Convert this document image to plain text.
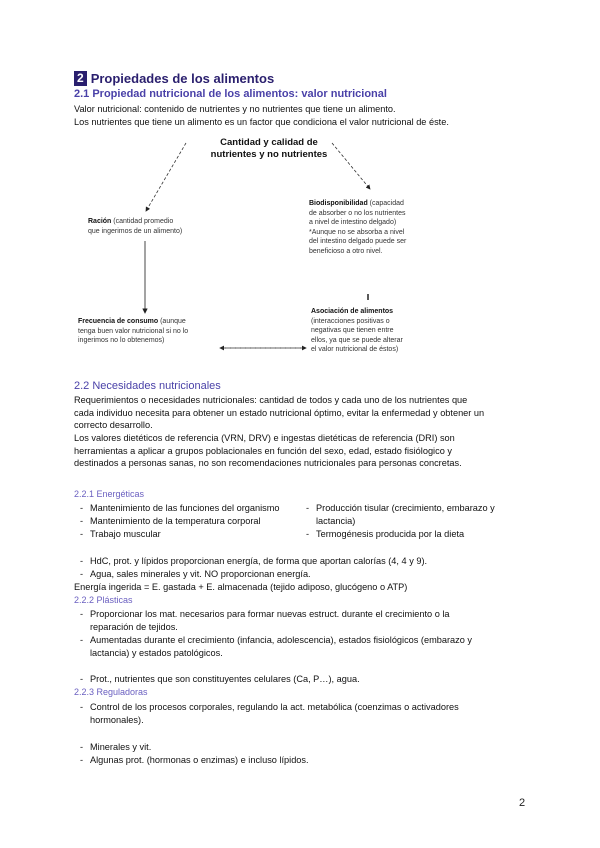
2 Propiedades de los alimentos
2.1 Propiedad nutricional de los alimentos: valor nutricional
Valor nutricional: contenido de nutrientes y no nutrientes que tiene un alimento.
Los nutrientes que tiene un alimento es un factor que condiciona el valor nutricional de éste.
Cantidad y calidad de
nutrientes y no nutrientes
Ración (cantidad promedio
que ingerimos de un alimento)
Biodisponibilidad (capacidad
de absorber o no los nutrientes
a nivel de intestino delgado)
*Aunque no se absorba a nivel
del intestino delgado puede ser
beneficioso a otro nivel.
Frecuencia de consumo (aunque
tenga buen valor nutricional si no lo
ingerimos no lo obtenemos)
Asociación de alimentos
(interacciones positivas o
negativas que tienen entre
ellos, ya que se puede alterar
el valor nutricional de éstos)
2.2 Necesidades nutricionales
Requerimientos o necesidades nutricionales: cantidad de todos y cada uno de los nutrientes que
cada individuo necesita para obtener un estado nutricional óptimo, evitar la enfermedad y obtener un
correcto desarrollo.
Los valores dietéticos de referencia (VRN, DRV) e ingestas dietéticas de referencia (DRI) son
herramientas a aplicar a grupos poblacionales en función del sexo, edad, estado fisiólogico y
destinados a personas sanas, no son recomendaciones nutricionales para personas concretas.
2.2.1 Energéticas
- Mantenimiento de las funciones del organismo
- Mantenimiento de la temperatura corporal
- Trabajo muscular
- Producción tisular (crecimiento, embarazo y
lactancia)
- Termogénesis producida por la dieta
- HdC, prot. y lípidos proporcionan energía, de forma que aportan calorías (4, 4 y 9).
- Agua, sales minerales y vit. NO proporcionan energía.
Energía ingerida = E. gastada + E. almacenada (tejido adiposo, glucógeno o ATP)
2.2.2 Plásticas
- Proporcionar los mat. necesarios para formar nuevas estruct. durante el crecimiento o la
reparación de tejidos.
- Aumentadas durante el crecimiento (infancia, adolescencia), estados fisiológicos (embarazo y
lactancia) y estados patológicos.
- Prot., nutrientes que son constituyentes celulares (Ca, P…), agua.
2.2.3 Reguladoras
- Control de los procesos corporales, regulando la act. metabólica (coenzimas o activadores
hormonales).
- Minerales y vit.
- Algunas prot. (hormonas o enzimas) e incluso lípidos.
2
